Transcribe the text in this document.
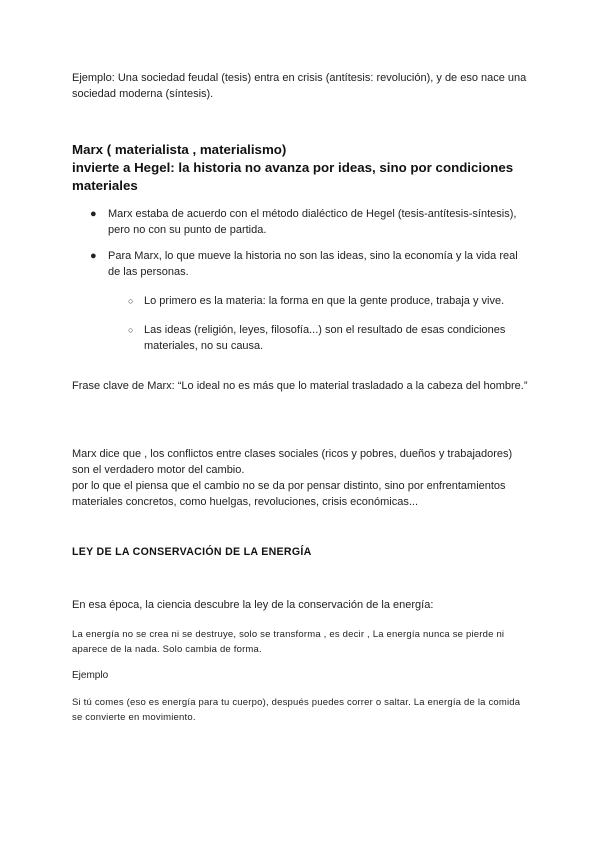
Ejemplo: Una sociedad feudal (tesis) entra en crisis (antítesis: revolución), y de eso nace una sociedad moderna (síntesis).

Marx ( materialista , materialismo)
invierte a Hegel: la historia no avanza por ideas, sino por condiciones materiales
●	Marx estaba de acuerdo con el método dialéctico de Hegel (tesis-antítesis-síntesis), pero no con su punto de partida.
●	Para Marx, lo que mueve la historia no son las ideas, sino la economía y la vida real de las personas.
○ Lo primero es la materia: la forma en que la gente produce, trabaja y vive.
○ Las ideas (religión, leyes, filosofía...) son el resultado de esas condiciones materiales, no su causa.

Frase clave de Marx: “Lo ideal no es más que lo material trasladado a la cabeza del hombre.”

Marx dice que , los conflictos entre clases sociales (ricos y pobres, dueños y trabajadores) son el verdadero motor del cambio.
por lo que el piensa que el cambio no se da por pensar distinto, sino por enfrentamientos materiales concretos, como huelgas, revoluciones, crisis económicas...
LEY DE LA CONSERVACIÓN DE LA ENERGÍA

En esa época, la ciencia descubre la ley de la conservación de la energía:

La energía no se crea ni se destruye, solo se transforma , es decir , La energía nunca se pierde ni aparece de la nada. Solo cambia de forma.

Ejemplo

Si tú comes (eso es energía para tu cuerpo), después puedes correr o saltar. La energía de la comida se convierte en movimiento.
